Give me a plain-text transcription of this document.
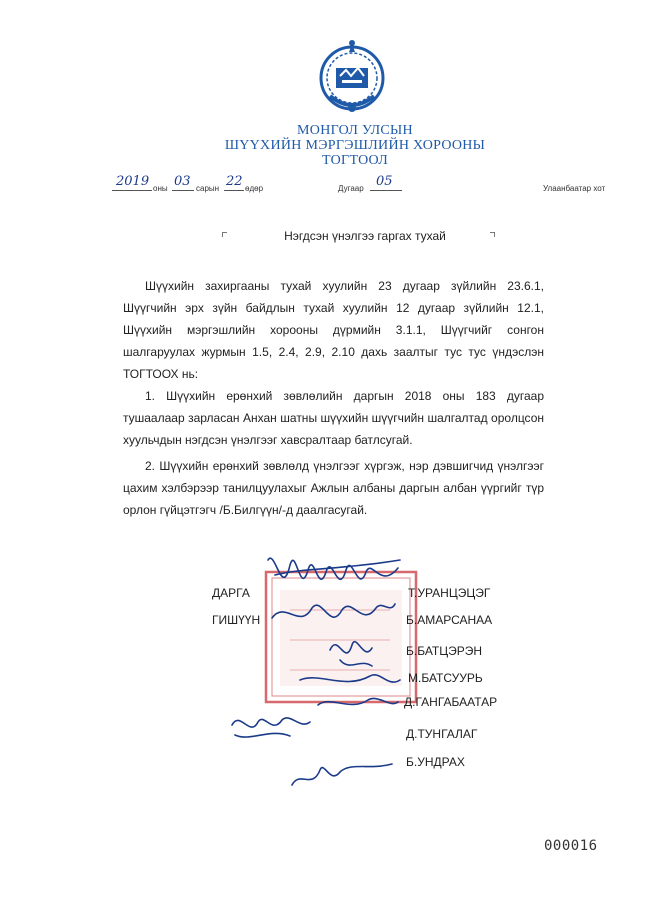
МОНГОЛ УЛСЫН
ШҮҮХИЙН МЭРГЭШЛИЙН ХОРООНЫ
ТОГТООЛ
2019 оны 03 сарын 22 өдөр	Дугаар 05	Улаанбаатар хот
Нэгдсэн үнэлгээ гаргах тухай

Шүүхийн захиргааны тухай хуулийн 23 дугаар зүйлийн 23.6.1, Шүүгчийн эрх зүйн байдлын тухай хуулийн 12 дугаар зүйлийн 12.1, Шүүхийн мэргэшлийн хорооны дүрмийн 3.1.1, Шүүгчийг сонгон шалгаруулах журмын 1.5, 2.4, 2.9, 2.10 дахь заалтыг тус тус үндэслэн ТОГТООХ нь:

1. Шүүхийн ерөнхий зөвлөлийн даргын 2018 оны 183 дугаар тушаалаар зарласан Анхан шатны шүүхийн шүүгчийн шалгалтад оролцсон хуульчдын нэгдсэн үнэлгээг хавсралтаар батлсугай.

2. Шүүхийн ерөнхий зөвлөлд үнэлгээг хүргэж, нэр дэвшигчид үнэлгээг цахим хэлбэрээр танилцуулахыг Ажлын албаны даргын албан үүргийг түр орлон гүйцэтгэгч /Б.Билгүүн/-д даалгасугай.

ДАРГА
ГИШҮҮН
Т.УРАНЦЭЦЭГ
Б.АМАРСАНАА
Б.БАТЦЭРЭН
М.БАТСУУРЬ
Д.ГАНГАБААТАР
Д.ТУНГАЛАГ
Б.УНДРАХ
000016
